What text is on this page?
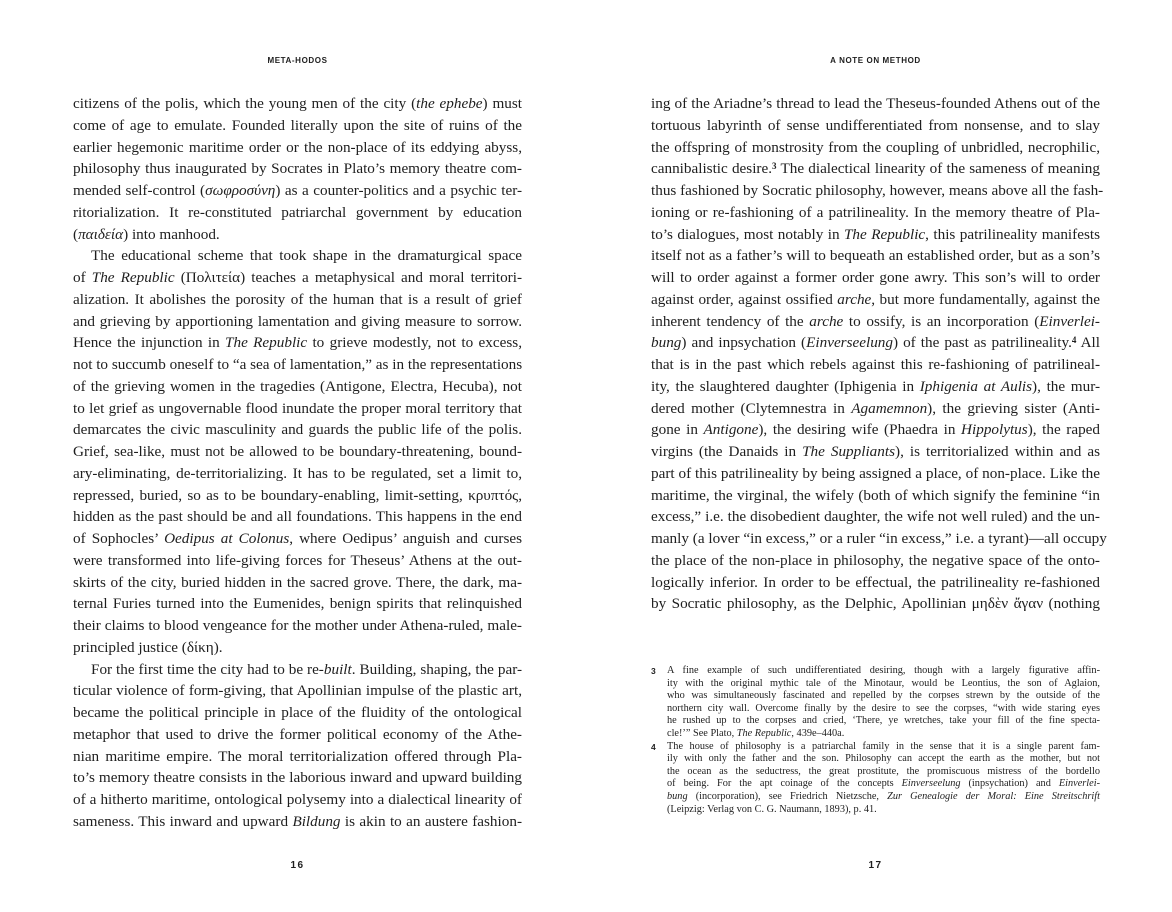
META-HODOS
citizens of the polis, which the young men of the city (the ephebe) must
come of age to emulate. Founded literally upon the site of ruins of the
earlier hegemonic maritime order or the non-place of its eddying abyss,
philosophy thus inaugurated by Socrates in Plato’s memory theatre com-
mended self-control (σωφροσύνη) as a counter-politics and a psychic ter-
ritorialization. It re-constituted patriarchal government by education
(παιδεία) into manhood.
The educational scheme that took shape in the dramaturgical space
of The Republic (Πολιτεία) teaches a metaphysical and moral territori-
alization. It abolishes the porosity of the human that is a result of grief
and grieving by apportioning lamentation and giving measure to sorrow.
Hence the injunction in The Republic to grieve modestly, not to excess,
not to succumb oneself to “a sea of lamentation,” as in the representations
of the grieving women in the tragedies (Antigone, Electra, Hecuba), not
to let grief as ungovernable flood inundate the proper moral territory that
demarcates the civic masculinity and guards the public life of the polis.
Grief, sea-like, must not be allowed to be boundary-threatening, bound-
ary-eliminating, de-territorializing. It has to be regulated, set a limit to,
repressed, buried, so as to be boundary-enabling, limit-setting, κρυπτός,
hidden as the past should be and all foundations. This happens in the end
of Sophocles’ Oedipus at Colonus, where Oedipus’ anguish and curses
were transformed into life-giving forces for Theseus’ Athens at the out-
skirts of the city, buried hidden in the sacred grove. There, the dark, ma-
ternal Furies turned into the Eumenides, benign spirits that relinquished
their claims to blood vengeance for the mother under Athena-ruled, male-
principled justice (δίκη).
For the first time the city had to be re-built. Building, shaping, the par-
ticular violence of form-giving, that Apollinian impulse of the plastic art,
became the political principle in place of the fluidity of the ontological
metaphor that used to drive the former political economy of the Athe-
nian maritime empire. The moral territorialization offered through Pla-
to’s memory theatre consists in the laborious inward and upward building
of a hitherto maritime, ontological polysemy into a dialectical linearity of
sameness. This inward and upward Bildung is akin to an austere fashion-
16
A NOTE ON METHOD
ing of the Ariadne’s thread to lead the Theseus-founded Athens out of the
tortuous labyrinth of sense undifferentiated from nonsense, and to slay
the offspring of monstrosity from the coupling of unbridled, necrophilic,
cannibalistic desire.$^3$ The dialectical linearity of the sameness of meaning
thus fashioned by Socratic philosophy, however, means above all the fash-
ioning or re-fashioning of a patrilineality. In the memory theatre of Pla-
to’s dialogues, most notably in The Republic, this patrilineality manifests
itself not as a father’s will to bequeath an established order, but as a son’s
will to order against a former order gone awry. This son’s will to order
against order, against ossified arche, but more fundamentally, against the
inherent tendency of the arche to ossify, is an incorporation (Einverlei-
bung) and inpsychation (Einverseelung) of the past as patrilineality.$^4$ All
that is in the past which rebels against this re-fashioning of patrilineal-
ity, the slaughtered daughter (Iphigenia in Iphigenia at Aulis), the mur-
dered mother (Clytemnestra in Agamemnon), the grieving sister (Anti-
gone in Antigone), the desiring wife (Phaedra in Hippolytus), the raped
virgins (the Danaids in The Suppliants), is territorialized within and as
part of this patrilineality by being assigned a place, of non-place. Like the
maritime, the virginal, the wifely (both of which signify the feminine “in
excess,” i.e. the disobedient daughter, the wife not well ruled) and the un-
manly (a lover “in excess,” or a ruler “in excess,” i.e. a tyrant)—all occupy
the place of the non-place in philosophy, the negative space of the onto-
logically inferior. In order to be effectual, the patrilineality re-fashioned
by Socratic philosophy, as the Delphic, Apollinian μηδὲν ἄγαν (nothing
3 A fine example of such undifferentiated desiring, though with a largely figurative affin-
ity with the original mythic tale of the Minotaur, would be Leontius, the son of Aglaion,
who was simultaneously fascinated and repelled by the corpses strewn by the outside of the
northern city wall. Overcome finally by the desire to see the corpses, “with wide staring eyes
he rushed up to the corpses and cried, ‘There, ye wretches, take your fill of the fine specta-
cle!’” See Plato, The Republic, 439e–440a.
4 The house of philosophy is a patriarchal family in the sense that it is a single parent fam-
ily with only the father and the son. Philosophy can accept the earth as the mother, but not
the ocean as the seductress, the great prostitute, the promiscuous mistress of the bordello
of being. For the apt coinage of the concepts Einverseelung (inpsychation) and Einverlei-
bung (incorporation), see Friedrich Nietzsche, Zur Genealogie der Moral: Eine Streitschrift
(Leipzig: Verlag von C. G. Naumann, 1893), p. 41.
17
